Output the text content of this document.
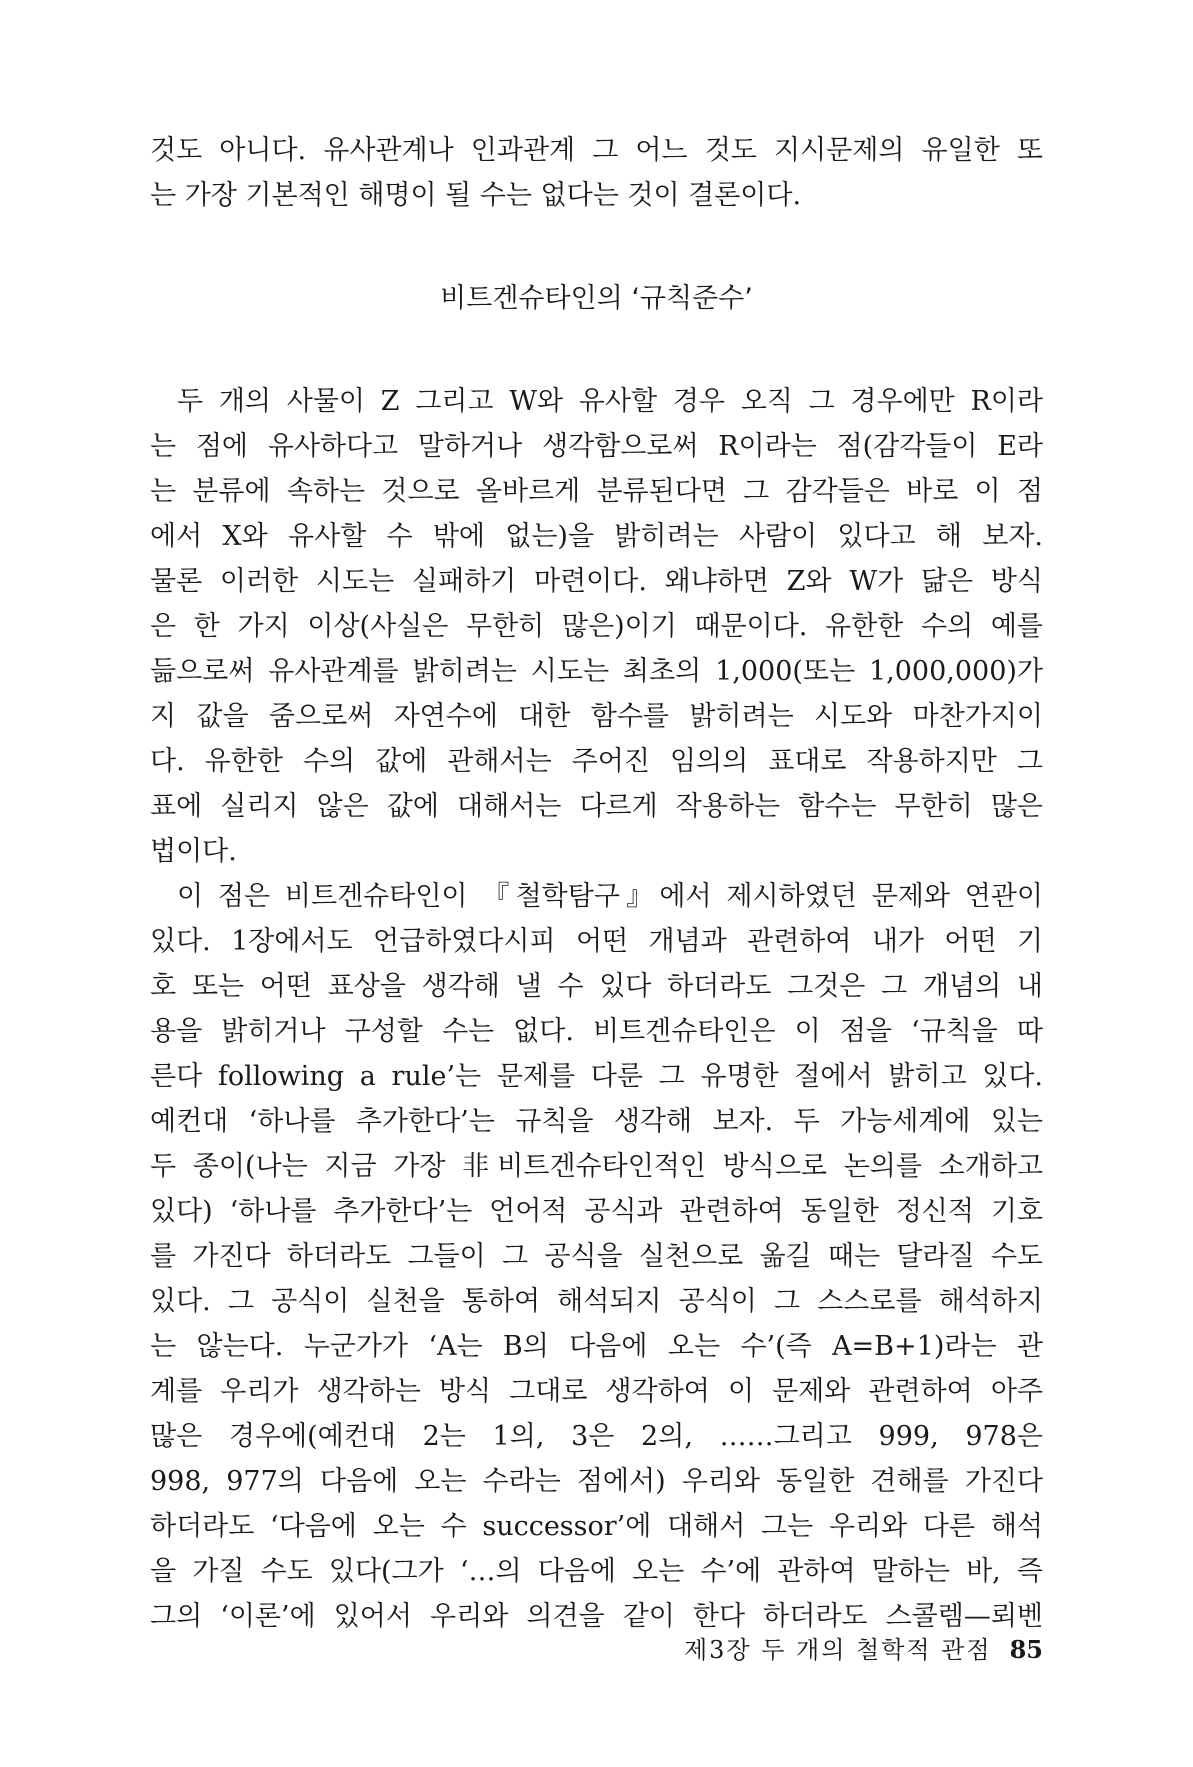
것도 아니다. 유사관계나 인과관계 그 어느 것도 지시문제의 유일한 또
는 가장 기본적인 해명이 될 수는 없다는 것이 결론이다.
비트겐슈타인의 ‘규칙준수’
두 개의 사물이 Z 그리고 W와 유사할 경우 오직 그 경우에만 R이라
는 점에 유사하다고 말하거나 생각함으로써 R이라는 점(감각들이 E라
는 분류에 속하는 것으로 올바르게 분류된다면 그 감각들은 바로 이 점
에서 X와 유사할 수 밖에 없는)을 밝히려는 사람이 있다고 해 보자.
물론 이러한 시도는 실패하기 마련이다. 왜냐하면 Z와 W가 닮은 방식
은 한 가지 이상(사실은 무한히 많은)이기 때문이다. 유한한 수의 예를
듦으로써 유사관계를 밝히려는 시도는 최초의 1,000(또는 1,000,000)가
지 값을 줌으로써 자연수에 대한 함수를 밝히려는 시도와 마찬가지이
다. 유한한 수의 값에 관해서는 주어진 임의의 표대로 작용하지만 그
표에 실리지 않은 값에 대해서는 다르게 작용하는 함수는 무한히 많은
법이다.
이 점은 비트겐슈타인이 『철학탐구』에서 제시하였던 문제와 연관이
있다. 1장에서도 언급하였다시피 어떤 개념과 관련하여 내가 어떤 기
호 또는 어떤 표상을 생각해 낼 수 있다 하더라도 그것은 그 개념의 내
용을 밝히거나 구성할 수는 없다. 비트겐슈타인은 이 점을 ‘규칙을 따
른다 following a rule’는 문제를 다룬 그 유명한 절에서 밝히고 있다.
예컨대 ‘하나를 추가한다’는 규칙을 생각해 보자. 두 가능세계에 있는
두 종이(나는 지금 가장 非비트겐슈타인적인 방식으로 논의를 소개하고
있다) ‘하나를 추가한다’는 언어적 공식과 관련하여 동일한 정신적 기호
를 가진다 하더라도 그들이 그 공식을 실천으로 옮길 때는 달라질 수도
있다. 그 공식이 실천을 통하여 해석되지 공식이 그 스스로를 해석하지
는 않는다. 누군가가 ‘A는 B의 다음에 오는 수’(즉 A=B+1)라는 관
계를 우리가 생각하는 방식 그대로 생각하여 이 문제와 관련하여 아주
많은 경우에(예컨대 2는 1의, 3은 2의, ……그리고 999, 978은
998, 977의 다음에 오는 수라는 점에서) 우리와 동일한 견해를 가진다
하더라도 ‘다음에 오는 수 successor’에 대해서 그는 우리와 다른 해석
을 가질 수도 있다(그가 ‘…의 다음에 오는 수’에 관하여 말하는 바, 즉
그의 ‘이론’에 있어서 우리와 의견을 같이 한다 하더라도 스콜렘—뢰벤
제3장 두 개의 철학적 관점 85
